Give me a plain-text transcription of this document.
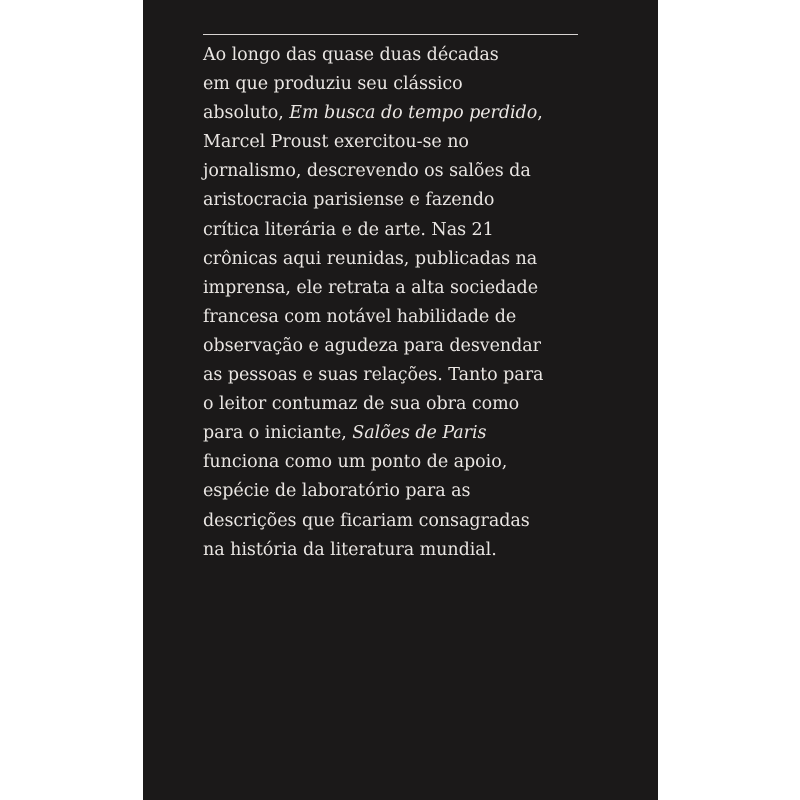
Ao longo das quase duas décadas
em que produziu seu clássico
absoluto, Em busca do tempo perdido,
Marcel Proust exercitou-se no
jornalismo, descrevendo os salões da
aristocracia parisiense e fazendo
crítica literária e de arte. Nas 21
crônicas aqui reunidas, publicadas na
imprensa, ele retrata a alta sociedade
francesa com notável habilidade de
observação e agudeza para desvendar
as pessoas e suas relações. Tanto para
o leitor contumaz de sua obra como
para o iniciante, Salões de Paris
funciona como um ponto de apoio,
espécie de laboratório para as
descrições que ficariam consagradas
na história da literatura mundial.
